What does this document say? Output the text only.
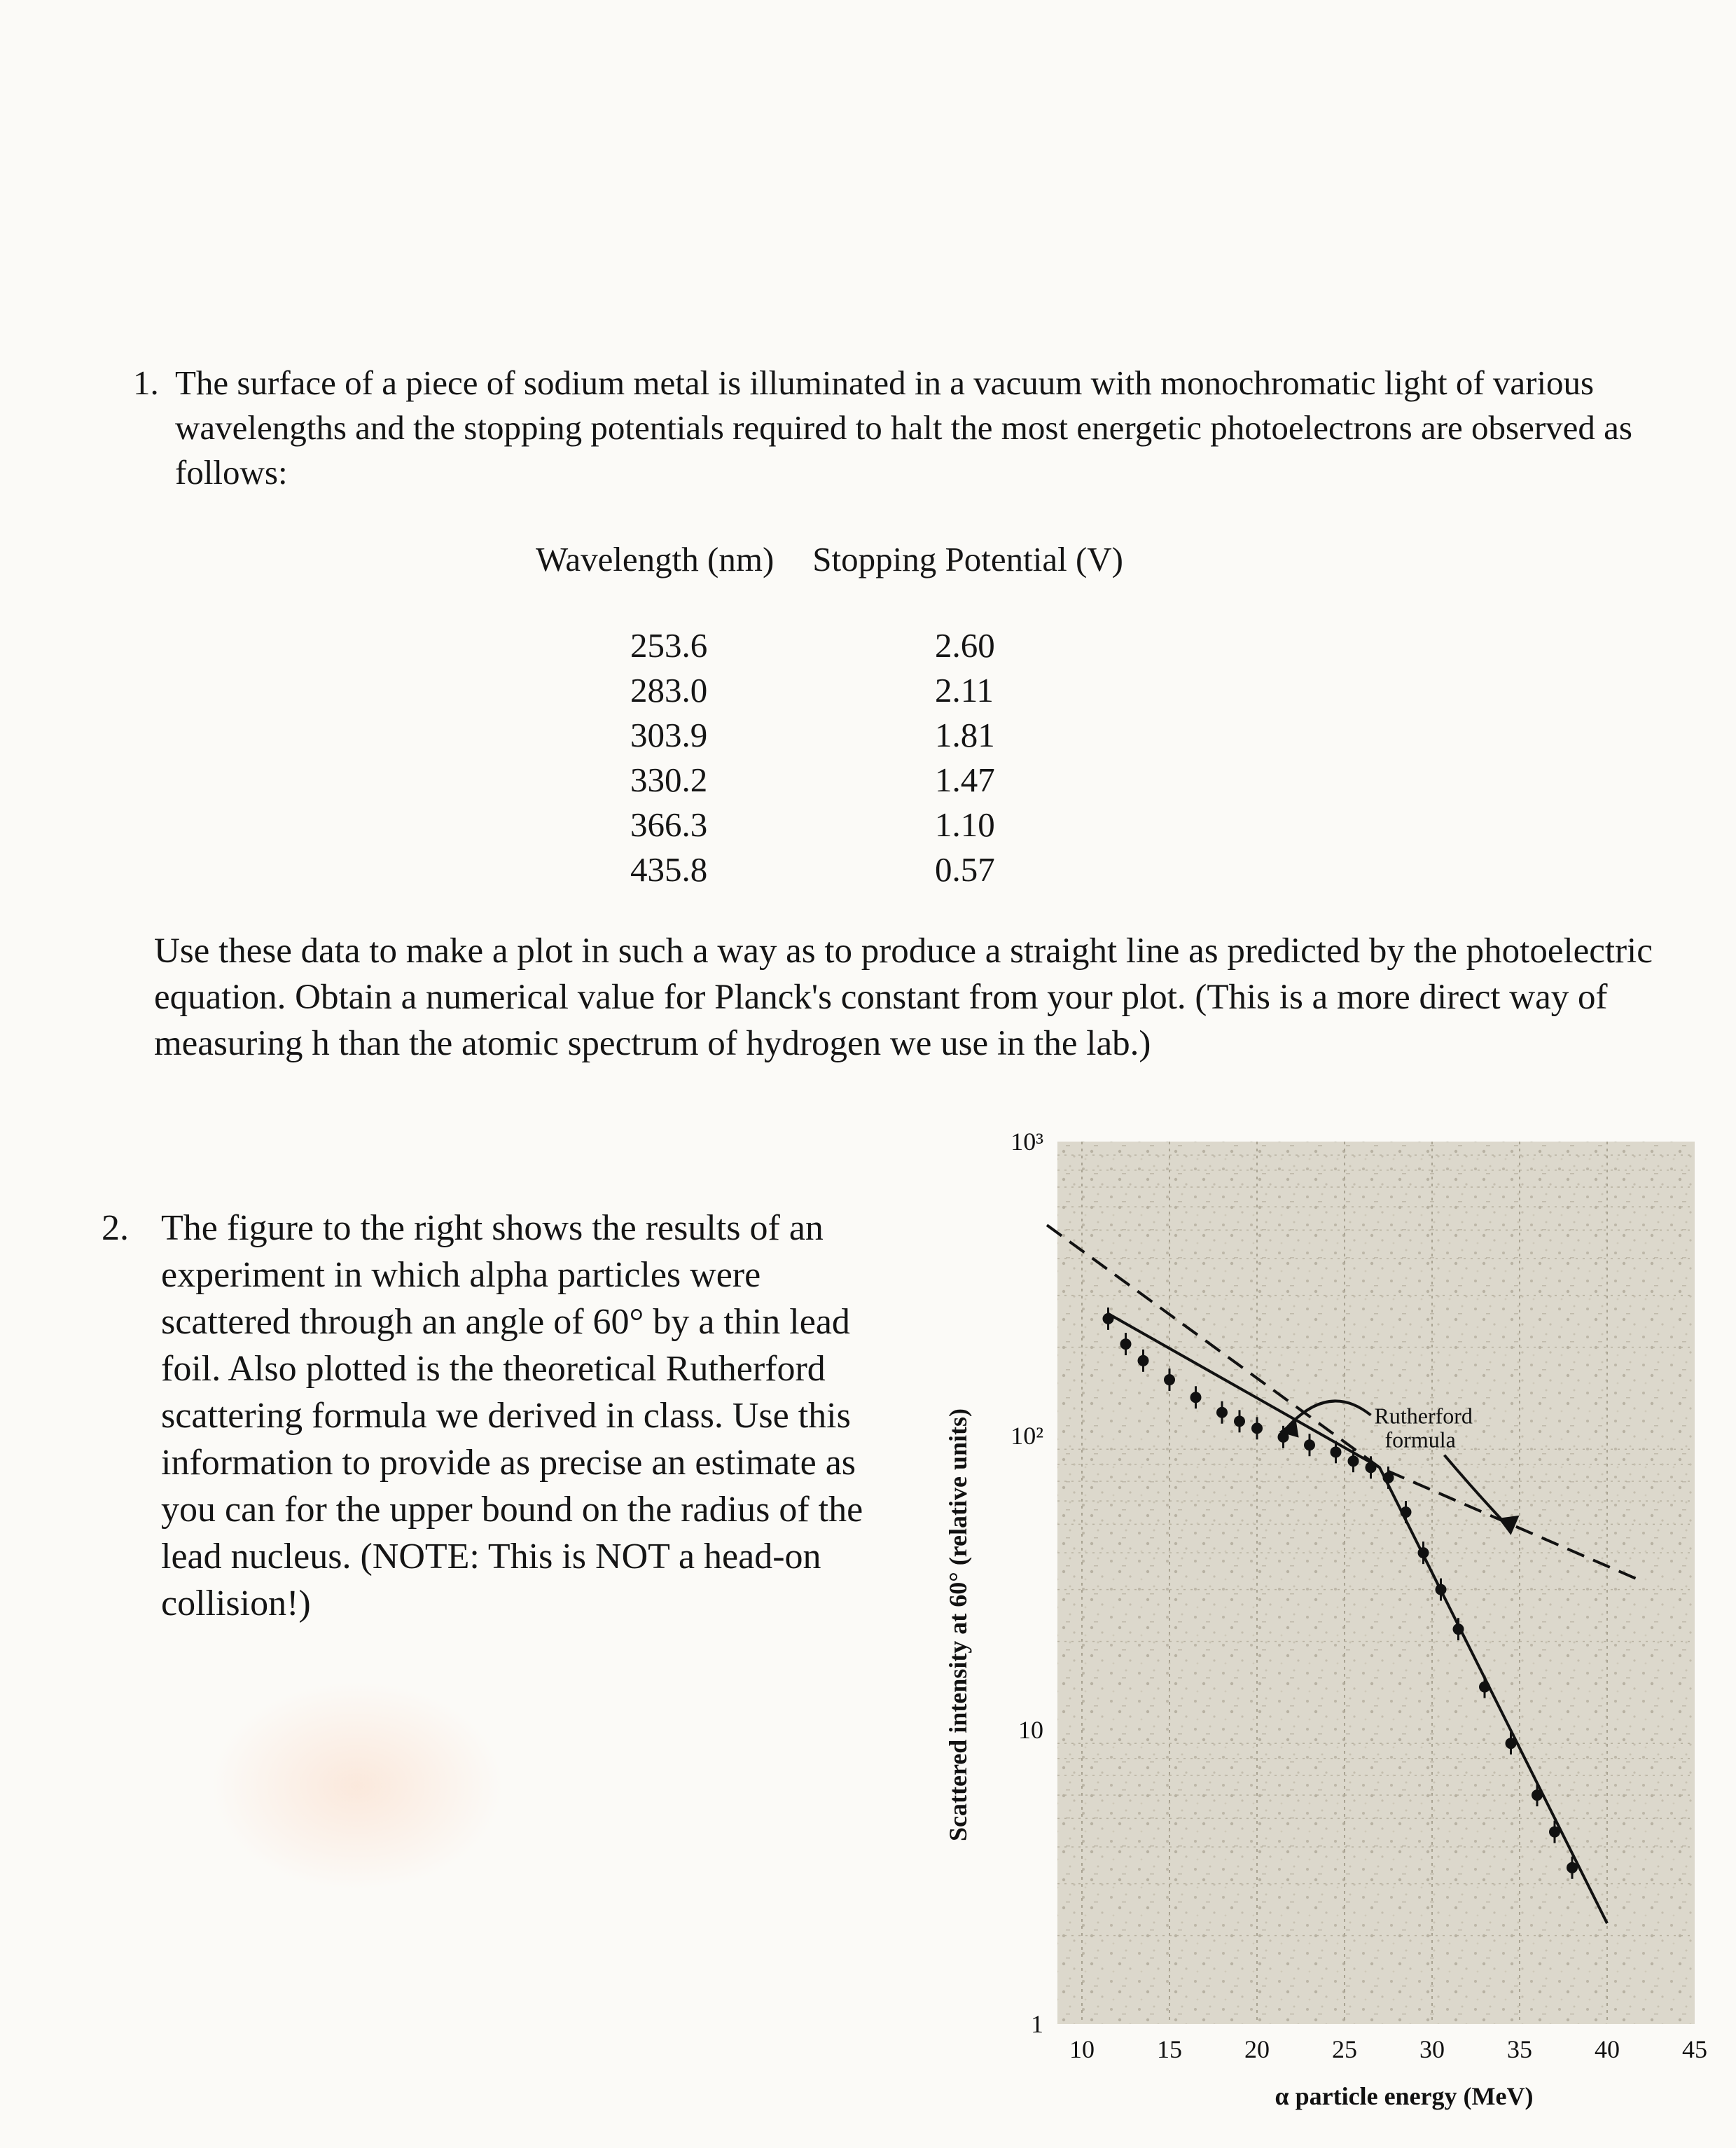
1. The surface of a piece of sodium metal is illuminated in a vacuum with monochromatic light of various wavelengths and the stopping potentials required to halt the most energetic photoelectrons are observed as follows:
Wavelength (nm) Stopping Potential (V)
253.6
283.0
303.9
330.2
366.3
435.8
2.60
2.11
1.81
1.47
1.10
0.57
Use these data to make a plot in such a way as to produce a straight line as predicted by the photoelectric equation. Obtain a numerical value for Planck's constant from your plot. (This is a more direct way of measuring h than the atomic spectrum of hydrogen we use in the lab.)
2. The figure to the right shows the results of an experiment in which alpha particles were scattered through an angle of 60° by a thin lead foil. Also plotted is the theoretical Rutherford scattering formula we derived in class. Use this information to provide as precise an estimate as you can for the upper bound on the radius of the lead nucleus. (NOTE: This is NOT a head-on collision!)
10 15 20 25 30 35 40 45
1
10
10²
10³
α particle energy (MeV)
Scattered intensity at 60° (relative units)	Rutherford
formula
